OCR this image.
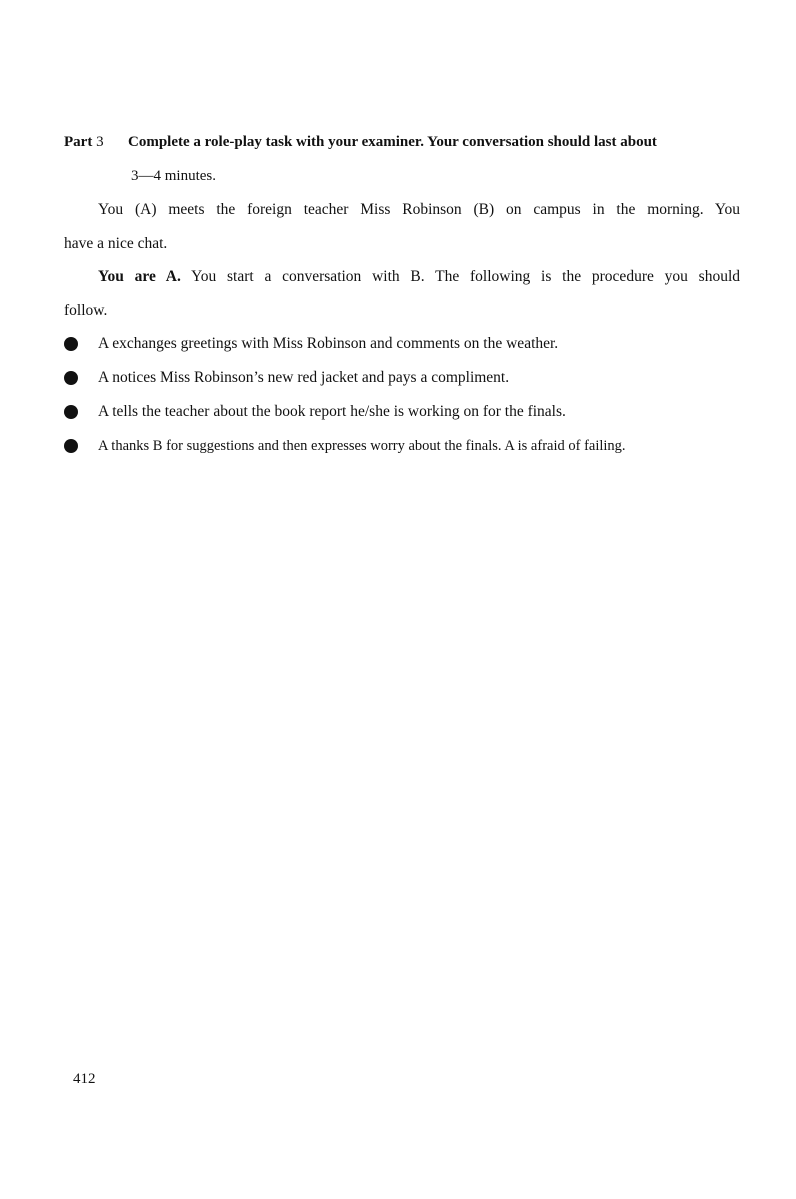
Part 3 Complete a role-play task with your examiner. Your conversation should last about
3—4 minutes.
You (A) meets the foreign teacher Miss Robinson (B) on campus in the morning. You
have a nice chat.
You are A. You start a conversation with B. The following is the procedure you should
follow.
A exchanges greetings with Miss Robinson and comments on the weather.
A notices Miss Robinson’s new red jacket and pays a compliment.
A tells the teacher about the book report he/she is working on for the finals.
A thanks B for suggestions and then expresses worry about the finals. A is afraid of failing.
412
